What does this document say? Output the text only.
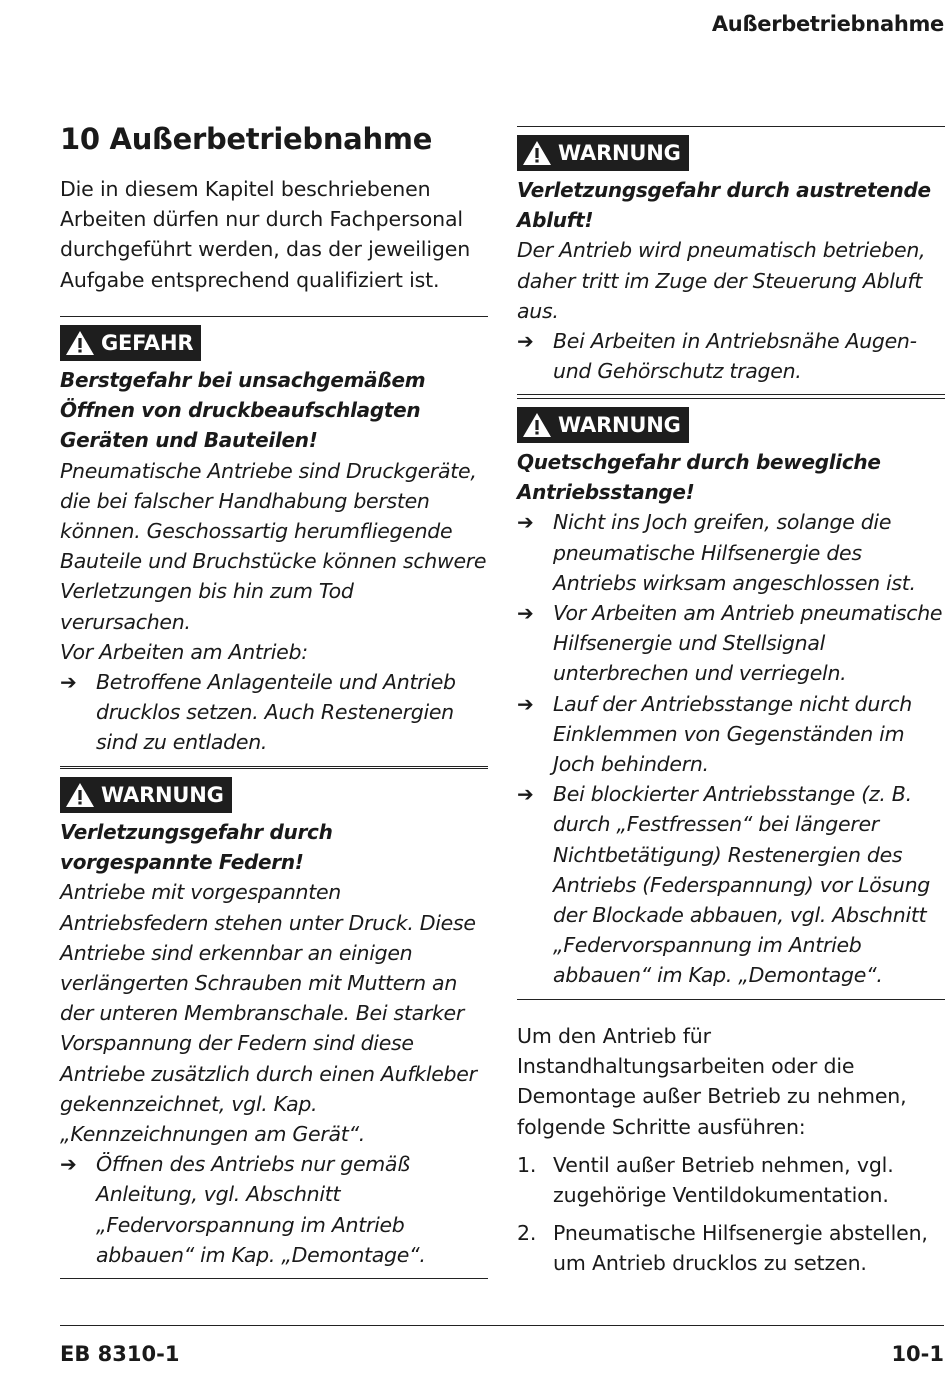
Außerbetriebnahme
10 Außerbetriebnahme

Die in diesem Kapitel beschriebenen Arbeiten dürfen nur durch Fachpersonal durchgeführt werden, das der jeweiligen Aufgabe entsprechend qualifiziert ist.

GEFAHR

Berstgefahr bei unsachgemäßem Öffnen von druckbeaufschlagten Geräten und Bauteilen!

Pneumatische Antriebe sind Druckgeräte, die bei falscher Handhabung bersten können. Geschossartig herumfliegende Bauteile und Bruchstücke können schwere Verletzungen bis hin zum Tod verursachen.

Vor Arbeiten am Antrieb:

➔ Betroffene Anlagenteile und Antrieb drucklos setzen. Auch Restenergien sind zu entladen.
WARNUNG

Verletzungsgefahr durch vorgespannte Federn!

Antriebe mit vorgespannten Antriebsfedern stehen unter Druck. Diese Antriebe sind erkennbar an einigen verlängerten Schrauben mit Muttern an der unteren Membranschale. Bei starker Vorspannung der Federn sind diese Antriebe zusätzlich durch einen Aufkleber gekennzeichnet, vgl. Kap. „Kennzeichnungen am Gerät“.

➔ Öffnen des Antriebs nur gemäß Anleitung, vgl. Abschnitt „Federvorspannung im Antrieb abbauen“ im Kap. „Demontage“.
WARNUNG

Verletzungsgefahr durch austretende Abluft!

Der Antrieb wird pneumatisch betrieben, daher tritt im Zuge der Steuerung Abluft aus.

➔ Bei Arbeiten in Antriebsnähe Augen- und Gehörschutz tragen.
WARNUNG

Quetschgefahr durch bewegliche Antriebsstange!

➔ Nicht ins Joch greifen, solange die pneumatische Hilfsenergie des Antriebs wirksam angeschlossen ist.
➔ Vor Arbeiten am Antrieb pneumatische Hilfsenergie und Stellsignal unterbrechen und verriegeln.
➔ Lauf der Antriebsstange nicht durch Einklemmen von Gegenständen im Joch behindern.
➔ Bei blockierter Antriebsstange (z. B. durch „Festfressen“ bei längerer Nichtbetätigung) Restenergien des Antriebs (Federspannung) vor Lösung der Blockade abbauen, vgl. Abschnitt „Federvorspannung im Antrieb abbauen“ im Kap. „Demontage“.

Um den Antrieb für Instandhaltungsarbeiten oder die Demontage außer Betrieb zu nehmen, folgende Schritte ausführen:

1. Ventil außer Betrieb nehmen, vgl. zugehörige Ventildokumentation.
2. Pneumatische Hilfsenergie abstellen, um Antrieb drucklos zu setzen.
EB 8310-1	10-1
